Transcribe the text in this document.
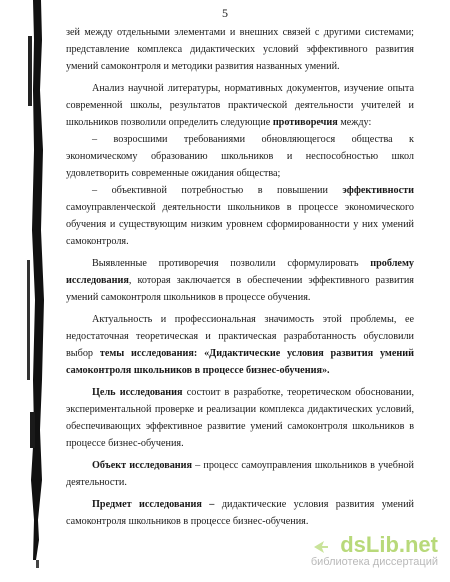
5

зей между отдельными элементами и внешних связей с другими системами; представление комплекса дидактических условий эффективного развития умений самоконтроля и методики развития названных умений.

Анализ научной литературы, нормативных документов, изучение опыта современной школы, результатов практической деятельности учителей и школьников позволили определить следующие противоречия между:

– возросшими требованиями обновляющегося общества к экономическому образованию школьников и неспособностью школ удовлетворить современные ожидания общества;

– объективной потребностью в повышении эффективности самоуправленческой деятельности школьников в процессе экономического обучения и существующим низким уровнем сформированности у них умений самоконтроля.

Выявленные противоречия позволили сформулировать проблему исследования, которая заключается в обеспечении эффективного развития умений самоконтроля школьников в процессе обучения.

Актуальность и профессиональная значимость этой проблемы, ее недостаточная теоретическая и практическая разработанность обусловили выбор темы исследования: «Дидактические условия развития умений самоконтроля школьников в процессе бизнес-обучения».

Цель исследования состоит в разработке, теоретическом обосновании, экспериментальной проверке и реализации комплекса дидактических условий, обеспечивающих эффективное развитие умений самоконтроля школьников в процессе бизнес-обучения.

Объект исследования – процесс самоуправления школьников в учебной деятельности.

Предмет исследования – дидактические условия развития умений самоконтроля школьников в процессе бизнес-обучения.

dsLib.net
библиотека диссертаций
